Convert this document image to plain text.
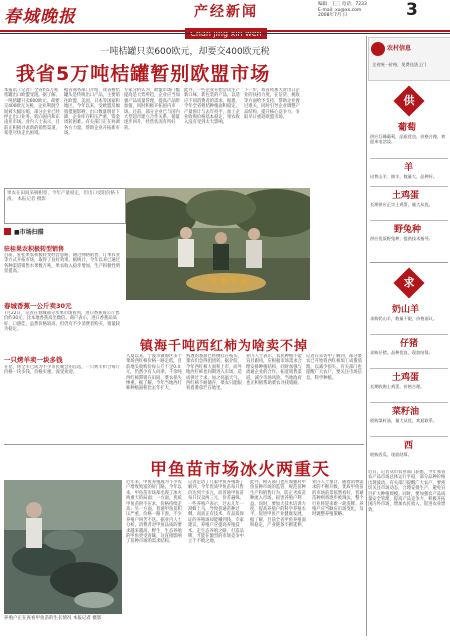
春城晚报	产经新闻	编辑：王三 电话：7233
E-mail: xx@xx.com
2008年7月 日	3
一吨桔罐只卖600欧元，却要交400欧元税
我省5万吨桔罐暂别欧盟市场

本报讯（记者）全省约5万吨桔罐出口欧盟受阻。据了解，一吨桔罐只卖600欧元，却要交400欧元关税，企业利润空间被大幅压缩，部分企业已经停止出口业务，转向国内和东南亚市场。业内人士表示，目前正积极寻求新的销售渠道，希望尽快走出困境。

据省商务部门介绍，我省柑桔罐头是传统出口产品，主要销往欧盟、美国、日本等国家和地区。今年以来，受欧盟反倾销措施影响，出口数量明显下降，企业库存积压严重，资金周转困难。有关部门正在协调各方力量，帮助企业开拓新市场。

专家分析认为，欧盟市场门槛提高是大势所趋，企业应当加强产品质量管理，提高产品附加值，同时积极开拓国内市场。目前，部分企业已与国内大型超市建立合作关系，销量逐步回升，经营状况有所好转。

此外，一些企业开始尝试生产新口味、新包装的产品，以适应不同消费者的需求。据悉，今年全省柑桔种植面积稳定，产量预计与去年持平，加工企业收购价格基本稳定，果农收入没有受到太大影响。

下一步，我省将加大对出口企业的扶持力度，在信贷、税收等方面给予支持，帮助企业渡过难关，同时引导企业调整产品结构，提升核心竞争力，争取早日重返欧盟市场。

果农在田间采摘柑桔，今年产量稳定，但出口受阻价格下滑。 本报记者 摄影
■市场扫描
驻桂果农积极转型销售

目前，驻桂果农积极转变经营思路，通过网络销售、订单农业等方式开拓市场，取得了良好效果。据统计，今年以来已通过各种渠道销售水果数万吨，果农收入稳步增加，生产积极性明显提高。

春城香蕉一公斤卖30元

7月22日，记者在春城部分水果市场看到，进口香蕉每公斤售价约30元，比本地香蕉高出数倍。商户表示，进口香蕉品质好、口感佳，虽然价格较高，但仍有不少消费者购买，销量较为稳定。

一只烤羊卖一块多钱

在昆，烤全羊已成为不少市民聚会的首选，一只烤羊折合每斤价格一块多钱，价格实惠，深受欢迎。

镇海千吨西红柿为啥卖不掉

入夏以来，宁波市镇海区多个菜场西红柿价格一路走低，目前地头收购价每公斤不足0.4元，仍然少有人问津，千余吨西红柿滞销在田间，菜农损失惨重。据了解，今年当地西红柿种植面积比去年扩大。

熟透的番茄已经倒挂在枝头，菜农们急得团团转。据介绍，今年西红柿大面积上市，而外地西红柿也同期进入市场，造成供过于求。加之高温天气，西红柿不耐储存，菜农只能眼看着番茄烂在地里。

业内人士表示，农民种植不能盲目跟风，应根据市场需求合理安排种植结构，同时加强与流通企业的合作，拓宽销售渠道，减少市场风险。当地政府也正积极帮助菜农寻找销路。

记者在采访中了解到，部分菜农已开始将西红柿加工成番茄酱，以减少损失。有关部门也提醒广大农户，要关注市场信息，科学种植。

甲鱼苗市场冰火两重天
养殖户正在查看甲鱼苗的生长情况 本报记者 摄影

近年来，甲鱼养殖成为不少农户增收致富的好门路。今年以来，甲鱼苗市场却出现了冰火两重天的局面：一方面，优质甲鱼苗供不应求，价格持续走高；另一方面，普通甲鱼苗积压严重，价格一路下滑，不少养殖户叫苦不迭。据业内人士分析，消费者对甲鱼品质的要求越来越高，野生、生态养殖的甲鱼更受青睐，这直接影响了苗种市场的需求结构。

记者走访了几家甲鱼养殖场了解到，今年优质甲鱼苗每只售价达到十多元，而普通甲鱼苗每只仅卖两三元，价差悬殊。一些养殖户表示，过去几年一窝蜂上马，导致普通苗种过剩，而真正有技术、有品质保证的养殖场却能赚到钱。专家建议，养殖户应提高养殖技术，走生态养殖之路，打造品牌，才能在激烈的市场竞争中立于不败之地。

此外，相关部门也应加强对甲鱼苗种市场的监管，规范苗种生产和销售行为，防止劣质苗种流入市场，损害养殖户利益。同时，要加大技术培训力度，提高养殖户的科学养殖水平，促进甲鱼产业健康发展。据了解，目前全省甲鱼养殖面积稳定，产业链条不断延伸。

业内人士预计，随着消费需求的不断升级，优质甲鱼苗的市场前景依然看好，普通苗种则将逐步被淘汰，整个行业将迎来新一轮洗牌。养殖户应当顺应市场变化，及时调整养殖策略。

农村信息
全省统一价格，免费送货上门
供
葡萄
供应巨峰葡萄，品质优良，价格合理，欢迎来电洽谈。
羊
出售山羊、绵羊，数量大，品种好。
土鸡蛋
长期供应正宗土鸡蛋，量大从优。
野兔种
供应优质野兔种，提供技术指导。
求
奶山羊
求购奶山羊，数量不限，价格面议。
仔猪
求购仔猪，品种优良，现款结算。
土鸡蛋
长期收购土鸡蛋，价格合理。
菜籽油
收购菜籽油，量大从优，欢迎联系。
西
收购西瓜，现款结算。

近日，记者从市农业部门获悉，今年我省农产品市场总体运行平稳，部分品种价格出现波动。有关部门提醒广大农户，要密切关注市场动态，合理安排生产，避免盲目扩大种植规模。同时，要加强农产品质量安全管理，提高产品竞争力，积极开拓国内外市场，增加农民收入，促进农业增效。
